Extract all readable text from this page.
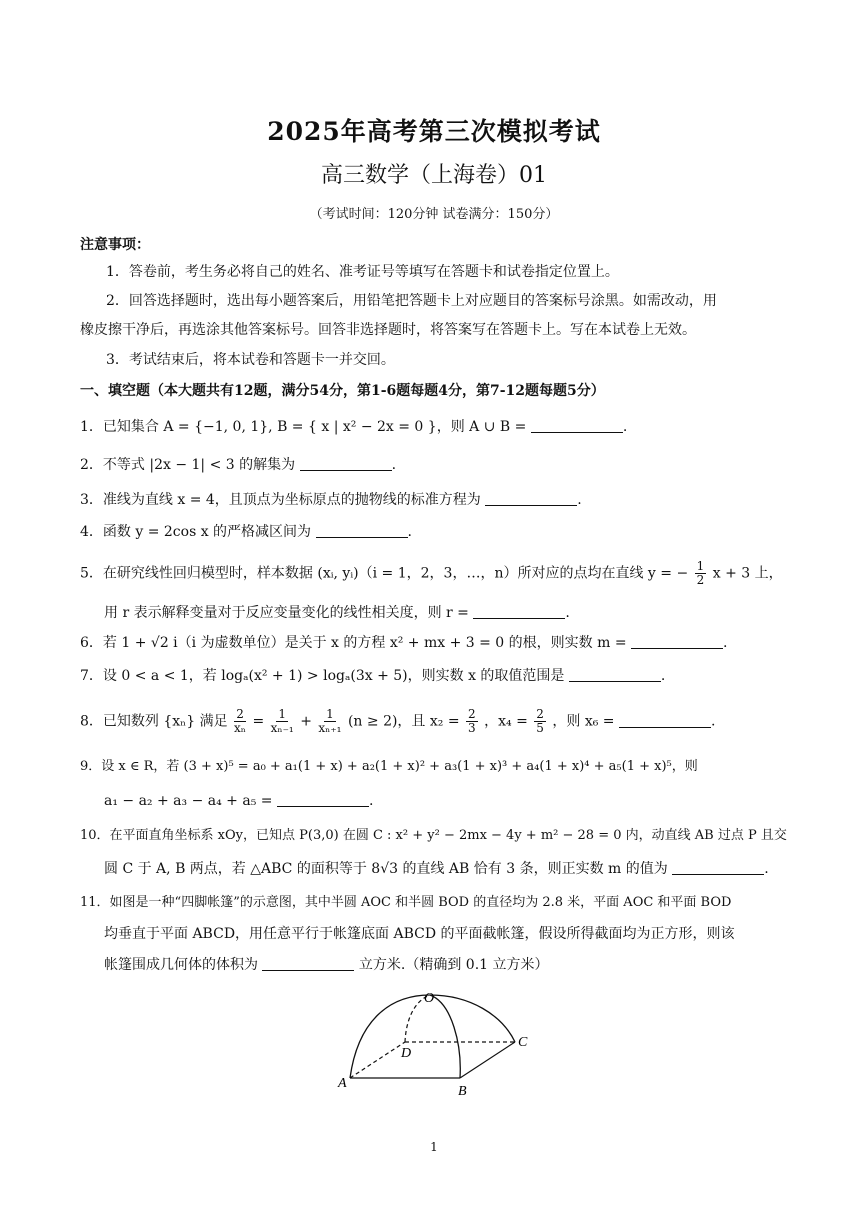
2025年高考第三次模拟考试
高三数学（上海卷）01
（考试时间：120分钟 试卷满分：150分）
注意事项：
1．答卷前，考生务必将自己的姓名、准考证号等填写在答题卡和试卷指定位置上。
2．回答选择题时，选出每小题答案后，用铅笔把答题卡上对应题目的答案标号涂黑。如需改动，用
橡皮擦干净后，再选涂其他答案标号。回答非选择题时，将答案写在答题卡上。写在本试卷上无效。
3．考试结束后，将本试卷和答题卡一并交回。
一、填空题（本大题共有12题，满分54分，第1-6题每题4分，第7-12题每题5分）
1．已知集合 A = {−1, 0, 1}, B = { x | x² − 2x = 0 }，则 A ∪ B =	.
2．不等式 |2x − 1| < 3 的解集为	.
3．准线为直线 x = 4，且顶点为坐标原点的抛物线的标准方程为	.
4．函数 y = 2cos x 的严格减区间为	.
5．在研究线性回归模型时，样本数据 (xᵢ, yᵢ)（i = 1，2，3，…，n）所对应的点均在直线 y = − $\frac{1}{2}$ x + 3 上，
用 r 表示解释变量对于反应变量变化的线性相关度，则 r =	.
6．若 1 + √2 i（i 为虚数单位）是关于 x 的方程 x² + mx + 3 = 0 的根，则实数 m =	.
7．设 0 < a < 1，若 logₐ(x² + 1) > logₐ(3x + 5)，则实数 x 的取值范围是	.
8．已知数列 {xₙ} 满足 $\frac{2}{\text{xₙ}} = \frac{1}{\text{xₙ₋₁}} + \frac{1}{\text{xₙ₊₁}} (n \ge 2)$，且 $x_2 = \frac{2}{3}$ ，$x_4 = \frac{2}{5}$ ，则 x₆ =	.
9．设 x ∈ R，若 (3 + x)⁵ = a₀ + a₁(1 + x) + a₂(1 + x)² + a₃(1 + x)³ + a₄(1 + x)⁴ + a₅(1 + x)⁵，则
a₁ − a₂ + a₃ − a₄ + a₅ =	.
10．在平面直角坐标系 xOy，已知点 P(3,0) 在圆 C : x² + y² − 2mx − 4y + m² − 28 = 0 内，动直线 AB 过点 P 且交
圆 C 于 A, B 两点，若 △ABC 的面积等于 8√3 的直线 AB 恰有 3 条，则正实数 m 的值为	.
11．如图是一种“四脚帐篷”的示意图，其中半圆 AOC 和半圆 BOD 的直径均为 2.8 米，平面 AOC 和平面 BOD
均垂直于平面 ABCD，用任意平行于帐篷底面 ABCD 的平面截帐篷，假设所得截面均为正方形，则该
帐篷围成几何体的体积为	立方米.（精确到 0.1 立方米）
O
A
B
C
D
1
